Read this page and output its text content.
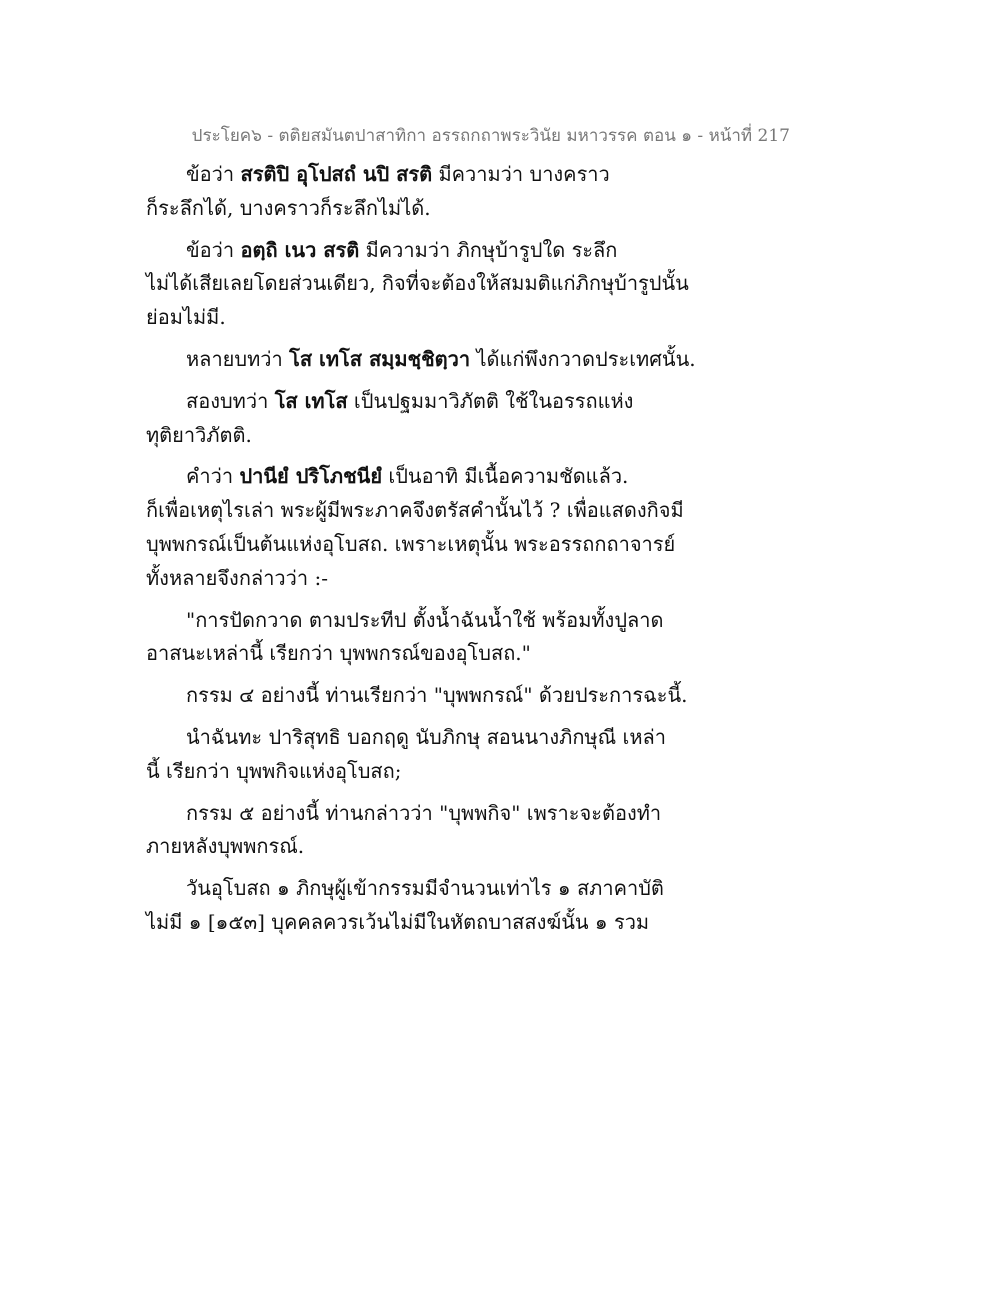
ประโยค๖ - ตติยสมันตปาสาทิกา อรรถกถาพระวินัย มหาวรรค ตอน ๑ - หน้าที่ 217
ข้อว่า สรติปิ อุโปสถํ นปิ สรติ มีความว่า บางคราว
ก็ระลึกได้, บางคราวก็ระลึกไม่ได้.
ข้อว่า อตฺถิ เนว สรติ มีความว่า ภิกษุบ้ารูปใด ระลึก
ไม่ได้เสียเลยโดยส่วนเดียว, กิจที่จะต้องให้สมมติแก่ภิกษุบ้ารูปนั้น
ย่อมไม่มี.
หลายบทว่า โส เทโส สมฺมชฺชิตฺวา ได้แก่พึงกวาดประเทศนั้น.
สองบทว่า โส เทโส เป็นปฐมมาวิภัตติ ใช้ในอรรถแห่ง
ทุติยาวิภัตติ.
คำว่า ปานียํ ปริโภชนียํ เป็นอาทิ มีเนื้อความชัดแล้ว.
ก็เพื่อเหตุไรเล่า พระผู้มีพระภาคจึงตรัสคำนั้นไว้ ? เพื่อแสดงกิจมี
บุพพกรณ์เป็นต้นแห่งอุโบสถ. เพราะเหตุนั้น พระอรรถกถาจารย์
ทั้งหลายจึงกล่าวว่า :-
"การปัดกวาด ตามประทีป ตั้งน้ำฉันน้ำใช้ พร้อมทั้งปูลาด
อาสนะเหล่านี้ เรียกว่า บุพพกรณ์ของอุโบสถ."
กรรม ๔ อย่างนี้ ท่านเรียกว่า "บุพพกรณ์" ด้วยประการฉะนี้.
นำฉันทะ ปาริสุทธิ บอกฤดู นับภิกษุ สอนนางภิกษุณี เหล่า
นี้ เรียกว่า บุพพกิจแห่งอุโบสถ;
กรรม ๕ อย่างนี้ ท่านกล่าวว่า "บุพพกิจ" เพราะจะต้องทำ
ภายหลังบุพพกรณ์.
วันอุโบสถ ๑ ภิกษุผู้เข้ากรรมมีจำนวนเท่าไร ๑ สภาคาบัติ
ไม่มี ๑ [๑๕๓] บุคคลควรเว้นไม่มีในหัตถบาสสงฆ์นั้น ๑ รวม
